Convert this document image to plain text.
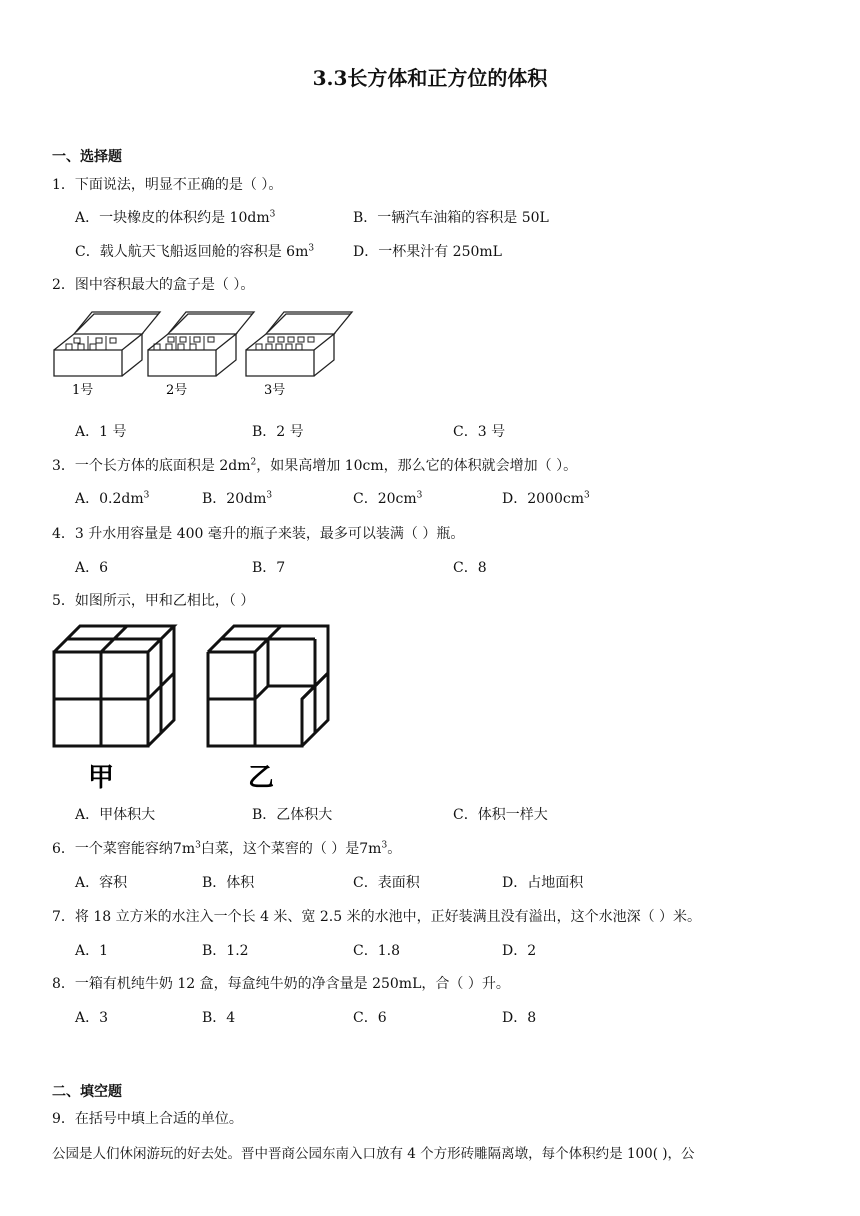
3.3长方体和正方位的体积
一、选择题
1．下面说法，明显不正确的是（ ）。
A．一块橡皮的体积约是 $10dm^3$	B．一辆汽车油箱的容积是 50L
C．载人航天飞船返回舱的容积是 $6m^3$	D．一杯果汁有 250mL
2．图中容积最大的盒子是（ ）。
1号	2号	3号
A．1 号	B．2 号	C．3 号
3．一个长方体的底面积是 $2dm^2$，如果高增加 10cm，那么它的体积就会增加（ ）。
A．$0.2dm^3$	B．$20dm^3$	C．$20cm^3$	D．$2000cm^3$
4．3 升水用容量是 400 毫升的瓶子来装，最多可以装满（ ）瓶。
A．6	B．7	C．8
5．如图所示，甲和乙相比，（ ）
甲	乙
A．甲体积大	B．乙体积大	C．体积一样大
6．一个菜窖能容纳$7m^3$白菜，这个菜窖的（ ）是$7m^3$。
A．容积	B．体积	C．表面积	D．占地面积
7．将 18 立方米的水注入一个长 4 米、宽 2.5 米的水池中，正好装满且没有溢出，这个水池深（ ）米。
A．1	B．1.2	C．1.8	D．2
8．一箱有机纯牛奶 12 盒，每盒纯牛奶的净含量是 250mL，合（ ）升。
A．3	B．4	C．6	D．8
二、填空题
9．在括号中填上合适的单位。
公园是人们休闲游玩的好去处。晋中晋商公园东南入口放有 4 个方形砖雕隔离墩，每个体积约是 100( )，公
